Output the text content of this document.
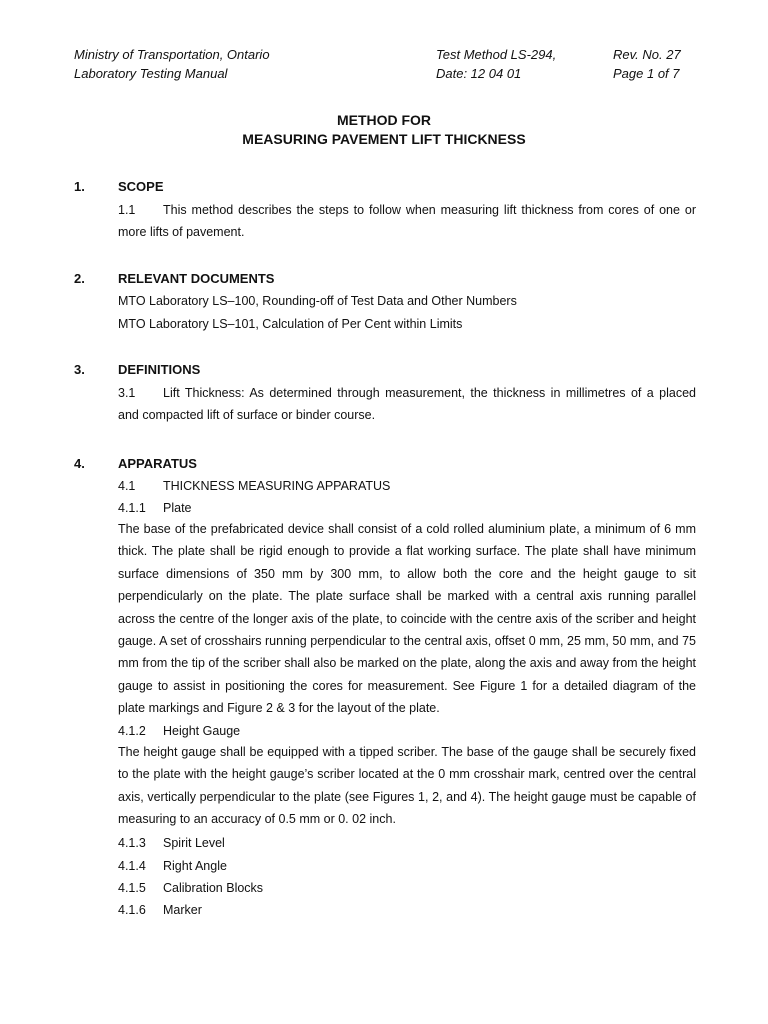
Ministry of Transportation, Ontario
Laboratory Testing Manual
Test Method LS-294,
Date: 12 04 01
Rev. No. 27
Page 1 of 7
METHOD FOR
MEASURING PAVEMENT LIFT THICKNESS
1.	SCOPE
1.1 This method describes the steps to follow when measuring lift thickness from cores of one or more lifts of pavement.
2.	RELEVANT DOCUMENTS
MTO Laboratory LS–100, Rounding-off of Test Data and Other Numbers
MTO Laboratory LS–101, Calculation of Per Cent within Limits
3.	DEFINITIONS
3.1 Lift Thickness: As determined through measurement, the thickness in millimetres of a placed and compacted lift of surface or binder course.
4.	APPARATUS
4.1 THICKNESS MEASURING APPARATUS
4.1.1 Plate
The base of the prefabricated device shall consist of a cold rolled aluminium plate, a minimum of 6 mm thick. The plate shall be rigid enough to provide a flat working surface. The plate shall have minimum surface dimensions of 350 mm by 300 mm, to allow both the core and the height gauge to sit perpendicularly on the plate. The plate surface shall be marked with a central axis running parallel across the centre of the longer axis of the plate, to coincide with the centre axis of the scriber and height gauge. A set of crosshairs running perpendicular to the central axis, offset 0 mm, 25 mm, 50 mm, and 75 mm from the tip of the scriber shall also be marked on the plate, along the axis and away from the height gauge to assist in positioning the cores for measurement. See Figure 1 for a detailed diagram of the plate markings and Figure 2 & 3 for the layout of the plate.
4.1.2 Height Gauge
The height gauge shall be equipped with a tipped scriber. The base of the gauge shall be securely fixed to the plate with the height gauge’s scriber located at the 0 mm crosshair mark, centred over the central axis, vertically perpendicular to the plate (see Figures 1, 2, and 4). The height gauge must be capable of measuring to an accuracy of 0.5 mm or 0. 02 inch.
4.1.3 Spirit Level
4.1.4 Right Angle
4.1.5 Calibration Blocks
4.1.6 Marker
